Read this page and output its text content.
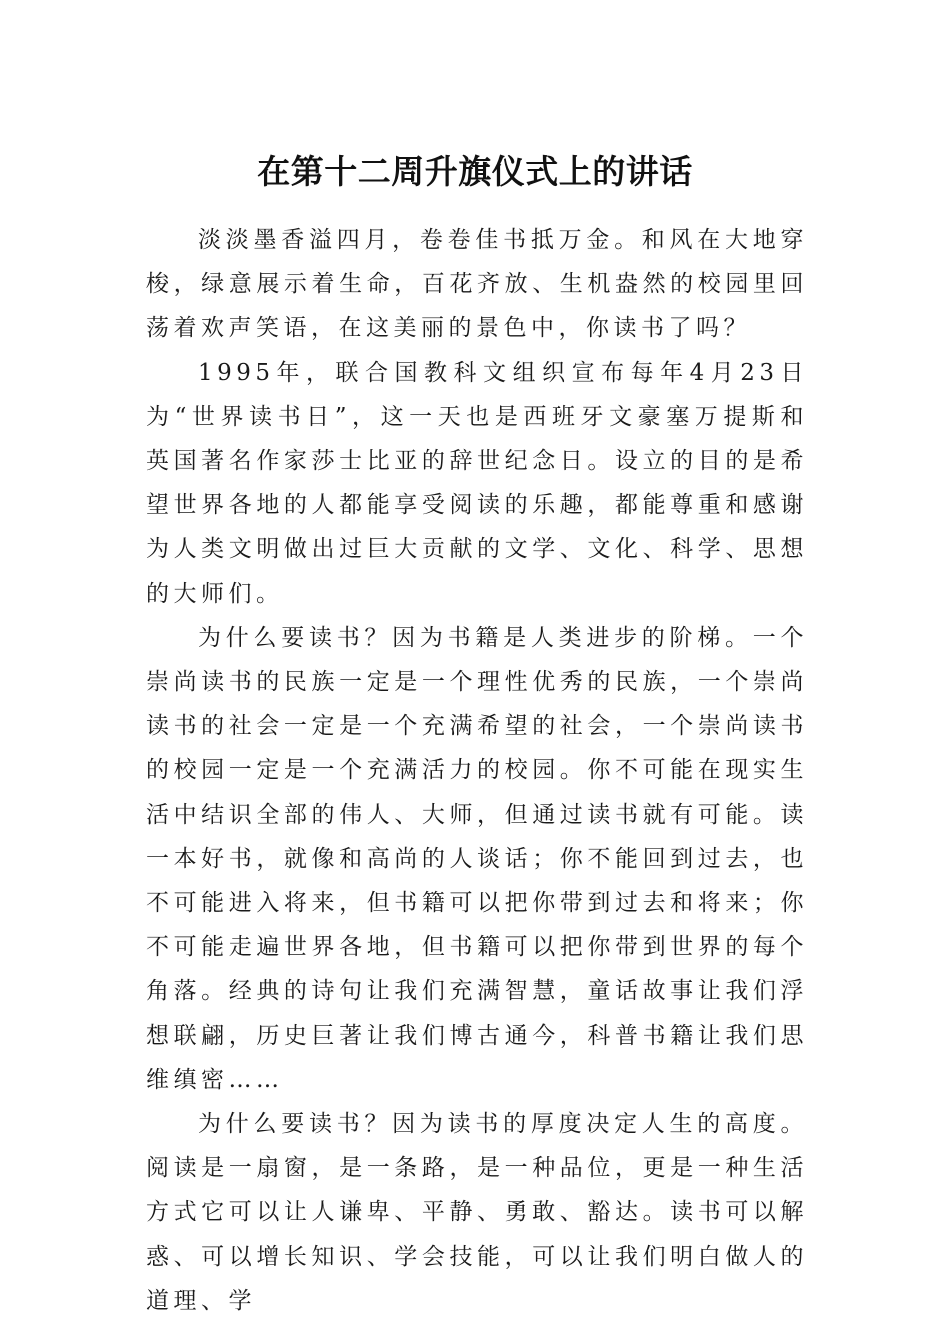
在第十二周升旗仪式上的讲话

淡淡墨香溢四月，卷卷佳书抵万金。和风在大地穿梭，绿意展示着生命，百花齐放、生机盎然的校园里回荡着欢声笑语，在这美丽的景色中，你读书了吗？

1995年，联合国教科文组织宣布每年4月23日为“世界读书日”，这一天也是西班牙文豪塞万提斯和英国著名作家莎士比亚的辞世纪念日。设立的目的是希望世界各地的人都能享受阅读的乐趣，都能尊重和感谢为人类文明做出过巨大贡献的文学、文化、科学、思想的大师们。

为什么要读书？因为书籍是人类进步的阶梯。一个崇尚读书的民族一定是一个理性优秀的民族，一个崇尚读书的社会一定是一个充满希望的社会，一个崇尚读书的校园一定是一个充满活力的校园。你不可能在现实生活中结识全部的伟人、大师，但通过读书就有可能。读一本好书，就像和高尚的人谈话；你不能回到过去，也不可能进入将来，但书籍可以把你带到过去和将来；你不可能走遍世界各地，但书籍可以把你带到世界的每个角落。经典的诗句让我们充满智慧，童话故事让我们浮想联翩，历史巨著让我们博古通今，科普书籍让我们思维缜密……

为什么要读书？因为读书的厚度决定人生的高度。阅读是一扇窗，是一条路，是一种品位，更是一种生活方式它可以让人谦卑、平静、勇敢、豁达。读书可以解惑、可以增长知识、学会技能，可以让我们明白做人的道理、学
